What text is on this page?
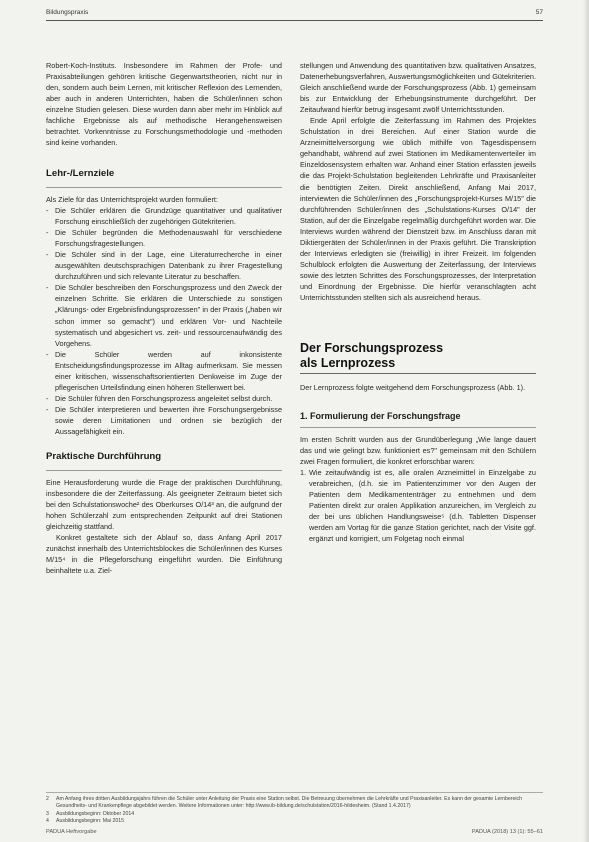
Bildungspraxis	57

Robert-Koch-Instituts. Insbesondere im Rahmen der Profe- und Praxisabteilungen gehören kritische Gegenwartstheorien, nicht nur in den, sondern auch beim Lernen, mit kritischer Reflexion des Lernenden, aber auch in anderen Unterrichten, haben die Schüler/innen schon einzelne Studien gelesen. Diese wurden dann aber mehr im Hinblick auf fachliche Ergebnisse als auf methodische Herangehensweisen betrachtet. Vorkenntnisse zu Forschungsmethodologie und -methoden sind keine vorhanden.

Lehr-/Lernziele

Als Ziele für das Unterrichtsprojekt wurden formuliert:

- Die Schüler erklären die Grundzüge quantitativer und qualitativer Forschung einschließlich der zugehörigen Gütekriterien.
- Die Schüler begründen die Methodenauswahl für verschiedene Forschungsfragestellungen.
- Die Schüler sind in der Lage, eine Literaturrecherche in einer ausgewählten deutschsprachigen Datenbank zu ihrer Fragestellung durchzuführen und sich relevante Literatur zu beschaffen.
- Die Schüler beschreiben den Forschungsprozess und den Zweck der einzelnen Schritte. Sie erklären die Unterschiede zu sonstigen „Klärungs- oder Ergebnisfindungsprozessen" in der Praxis („haben wir schon immer so gemacht") und erklären Vor- und Nachteile systematisch und abgesichert vs. zeit- und ressourcenaufwändig des Vorgehens.
- Die Schüler werden auf inkonsistente Entscheidungsfindungsprozesse im Alltag aufmerksam. Sie messen einer kritischen, wissenschaftsorientierten Denkweise im Zuge der pflegerischen Urteilsfindung einen höheren Stellenwert bei.
- Die Schüler führen den Forschungsprozess angeleitet selbst durch.
- Die Schüler interpretieren und bewerten ihre Forschungsergebnisse sowie deren Limitationen und ordnen sie bezüglich der Aussagefähigkeit ein.
Praktische Durchführung

Eine Herausforderung wurde die Frage der praktischen Durchführung, insbesondere die der Zeiterfassung. Als geeigneter Zeitraum bietet sich bei den Schulstationswoche² des Oberkurses O/14³ an, die aufgrund der hohen Schülerzahl zum entsprechenden Zeitpunkt auf drei Stationen gleichzeitig stattfand.

Konkret gestaltete sich der Ablauf so, dass Anfang April 2017 zunächst innerhalb des Unterrichtsblockes die Schüler/innen des Kurses M/15⁴ in die Pflegeforschung eingeführt wurden. Die Einführung beinhaltete u.a. Ziel-

stellungen und Anwendung des quantitativen bzw. qualitativen Ansatzes, Datenerhebungsverfahren, Auswertungsmöglichkeiten und Gütekriterien. Gleich anschließend wurde der Forschungsprozess (Abb. 1) gemeinsam bis zur Entwicklung der Erhebungsinstrumente durchgeführt. Der Zeitaufwand hierfür betrug insgesamt zwölf Unterrichtsstunden.

Ende April erfolgte die Zeiterfassung im Rahmen des Projektes Schulstation in drei Bereichen. Auf einer Station wurde die Arzneimittelversorgung wie üblich mithilfe von Tagesdispensern gehandhabt, während auf zwei Stationen im Medikamentenverteiler im Einzeldosensystem erhalten war. Anhand einer Station erfassten jeweils die das Projekt-Schulstation begleitenden Lehrkräfte und Praxisanleiter die benötigten Zeiten. Direkt anschließend, Anfang Mai 2017, interviewten die Schüler/innen des „Forschungsprojekt-Kurses M/15" die durchführenden Schüler/innen des „Schulstations-Kurses O/14" der Station, auf der die Einzelgabe regelmäßig durchgeführt worden war. Die Interviews wurden während der Dienstzeit bzw. im Anschluss daran mit Diktiergeräten der Schüler/innen in der Praxis geführt. Die Transkription der Interviews erledigten sie (freiwillig) in ihrer Freizeit. Im folgenden Schulblock erfolgten die Auswertung der Zeiterfassung, der Interviews sowie des letzten Schrittes des Forschungsprozesses, der Interpretation und Einordnung der Ergebnisse. Die hierfür veranschlagten acht Unterrichtsstunden stellten sich als ausreichend heraus.

Der Forschungsprozess
als Lernprozess

Der Lernprozess folgte weitgehend dem Forschungsprozess (Abb. 1).

1. Formulierung der Forschungsfrage

Im ersten Schritt wurden aus der Grundüberlegung „Wie lange dauert das und wie gelingt bzw. funktioniert es?" gemeinsam mit den Schülern zwei Fragen formuliert, die konkret erforschbar waren:

1. Wie zeitaufwändig ist es, alle oralen Arzneimittel in Einzelgabe zu verabreichen, (d.h. sie im Patientenzimmer vor den Augen der Patienten dem Medikamententräger zu entnehmen und dem Patienten direkt zur oralen Applikation anzureichen, im Vergleich zu der bei uns üblichen Handlungsweise⁵ (d.h. Tabletten Dispenser werden am Vortag für die ganze Station gerichtet, nach der Visite ggf. ergänzt und korrigiert, um Folgetag noch einmal
2 Am Anfang ihres dritten Ausbildungsjahrs führen die Schüler unter Anleitung der Praxis eine Station selbst. Die Betreuung übernehmen die Lehrkräfte und Praxisanleiter. Es kann der gesamte Lernbereich Gesundheits- und Krankenpflege abgebildet werden. Weitere Informationen unter: http://www.ib-bildung.de/schulstation/2016-hildesheim. (Stand 1.4.2017)
3 Ausbildungsbeginn: Oktober 2014
4 Ausbildungsbeginn: Mai 2015
PADUA Heftvorgabe	PADUA (2018) 13 (1): 55–61
